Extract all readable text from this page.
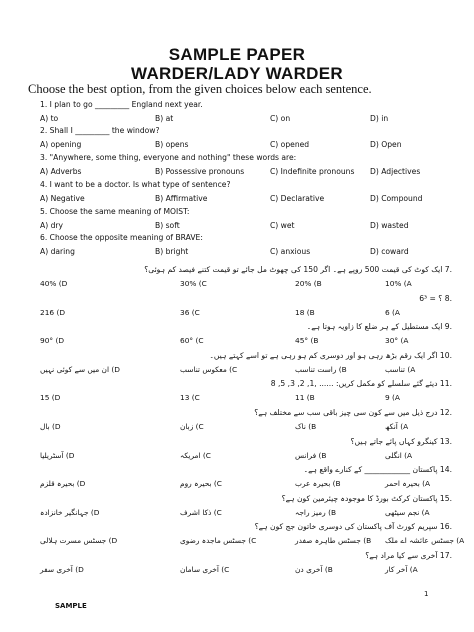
SAMPLE PAPER
WARDER/LADY WARDER
Choose the best option, from the given choices below each sentence.
1. I plan to go _________ England next year.
A) to	B) at	C) on	D) in
2. Shall I _________ the window?
A) opening	B) opens	C) opened	D) Open
3. "Anywhere, some thing, everyone and nothing" these words are:
A) Adverbs	B) Possessive pronouns	C) Indefinite pronouns D) Adjectives
4. I want to be a doctor. Is what type of sentence?
A) Negative	B) Affirmative	C) Declarative	D) Compound
5. Choose the same meaning of MOIST:
A) dry	B) soft	C) wet	D) wasted
6. Choose the opposite meaning of BRAVE:
A) daring	B) bright	C) anxious	D) coward
.7 ایک کوٹ کی قیمت 500 روپے ہے۔ اگر 150 کی چھوٹ مل جائے تو قیمت کتنے فیصد کم ہوئی؟
40% (D	30% (C	20% (B	10% (A
.8 ؟ = 6³
216 (D	36 (C	18 (B	6 (A
.9 ایک مستطیل کے ہر ضلع کا زاویہ ہوتا ہے۔
90° (D	60° (C	45° (B	30° (A
.10 اگر ایک رقم بڑھ رہی ہو اور دوسری کم ہو رہی ہے تو اسے کہتے ہیں۔
ان میں سے کوئی نہیں (D	معکوس تناسب (C	راست تناسب (B	تناسب (A
.11 دیئے گئے سلسلے کو مکمل کریں: ...... ,1, 2, 3, 5, 8
15 (D	13 (C	11 (B	9 (A
.12 درج ذیل میں سے کون سی چیز باقی سب سے مختلف ہے؟
بال (D	زبان (C	ناک (B	آنکھ (A
.13 کینگرو کہاں پائے جاتے ہیں؟
آسٹریلیا (D	امریکہ (C	فرانس (B	انگلی (A
.14 پاکستان ____________ کے کنارے واقع ہے۔
بحیرہ قلزم (D	بحیرہ روم (C	بحیرہ عرب (B	بحیرہ احمر (A
.15 پاکستان کرکٹ بورڈ کا موجودہ چیئرمین کون ہے؟
جہانگیر خانزادہ (D	ذکا اشرف (C	رمیز راجہ (B	نجم سیٹھی (A
.16 سپریم کورٹ آف پاکستان کی دوسری خاتون جج کون ہے؟
جسٹس مسرت ہلالی (D	جسٹس ماجدہ رضوی (C	جسٹس طاہرہ صفدر (B جسٹس عائشہ اے ملک (A
.17 آخری سے کیا مراد ہے؟
آخری سفر (D	آخری سامان (C	آخری دن (B	آخر کار (A
1
SAMPLE
